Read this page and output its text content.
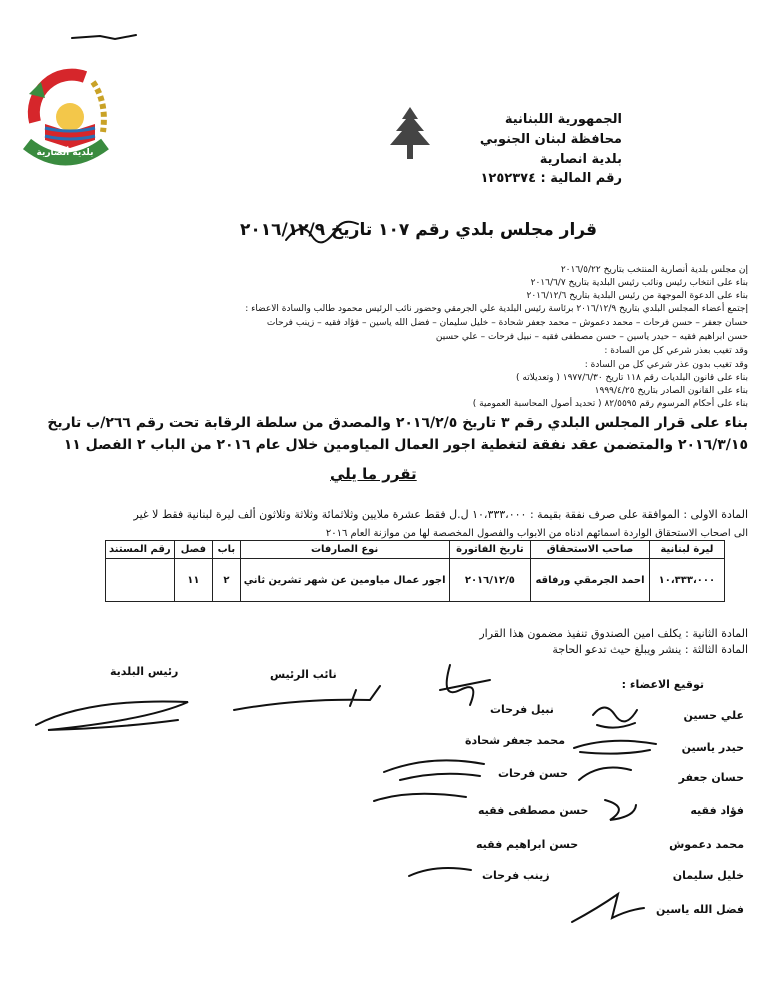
بلدية أنصارية
الجمهورية اللبنانية
محافظة لبنان الجنوبي
بلدية انصارية
رقم المالية : ١٢٥٢٣٧٤
قرار مجلس بلدي رقم ١٠٧ تاريخ ٢٠١٦/١٢/٩
إن مجلس بلدية أنصارية المنتخب بتاريخ ٢٠١٦/٥/٢٢
بناء على انتخاب رئيس ونائب رئيس البلدية بتاريخ ٢٠١٦/٦/٧
بناء على الدعوة الموجهة من رئيس البلدية بتاريخ ٢٠١٦/١٢/٦
إجتمع أعضاء المجلس البلدي بتاريخ ٢٠١٦/١٢/٩ برئاسة رئيس البلدية علي الجرمقي وحضور نائب الرئيس محمود طالب والسادة الاعضاء :
حسان جعفر – حسن فرحات – محمد دعموش – محمد جعفر شحادة – خليل سليمان – فضل الله ياسين – فؤاد فقيه – زينب فرحات
حسن ابراهيم فقيه – حيدر ياسين – حسن مصطفى فقيه – نبيل فرحات – علي حسين
وقد تغيب بعذر شرعي كل من السادة :
وقد تغيب بدون عذر شرعي كل من السادة :
بناء على قانون البلديات رقم ١١٨ تاريخ ١٩٧٧/٦/٣٠ ( وتعديلاته )
بناء على القانون الصادر بتاريخ ١٩٩٩/٤/٢٥
بناء على أحكام المرسوم رقم ٨٢/٥٥٩٥ ( تحديد أصول المحاسبة العمومية )
بناء على قرار المجلس البلدي رقم ٣ تاريخ ٢٠١٦/٢/٥ والمصدق من سلطة الرقابة تحت رقم ٢٦٦/ب تاريخ
٢٠١٦/٣/١٥ والمتضمن عقد نفقة لتغطية اجور العمال المياومين خلال عام ٢٠١٦ من الباب ٢ الفصل ١١
تقرر ما يلي
المادة الاولى : الموافقة على صرف نفقة بقيمة : ١٠،٣٣٣،٠٠٠ ل.ل فقط عشرة ملايين وثلاثمائة وثلاثة وثلاثون ألف ليرة لبنانية فقط لا غير
الى اصحاب الاستحقاق الواردة اسمائهم ادناه من الابواب والفصول المخصصة لها من موازنة العام ٢٠١٦
ليرة لبنانية	صاحب الاستحقاق	تاريخ الفاتورة	نوع الصارفات	باب	فصل	رقم المستند
١٠،٣٣٣،٠٠٠	احمد الجرمقي ورفاقه	٢٠١٦/١٢/٥	اجور عمال مياومين عن شهر تشرين ثاني	٢	١١	
المادة الثانية : يكلف امين الصندوق تنفيذ مضمون هذا القرار
المادة الثالثة : ينشر ويبلغ حيث تدعو الحاجة
رئيس البلدية	نائب الرئيس
توقيع الاعضاء :
نبيل فرحات
محمد جعفر شحادة
حسن فرحات
حسن مصطفى فقيه
حسن ابراهيم فقيه
زينب فرحات
علي حسين
حيدر ياسين
حسان جعفر
فؤاد فقيه
محمد دعموش
خليل سليمان
فضل الله ياسين
